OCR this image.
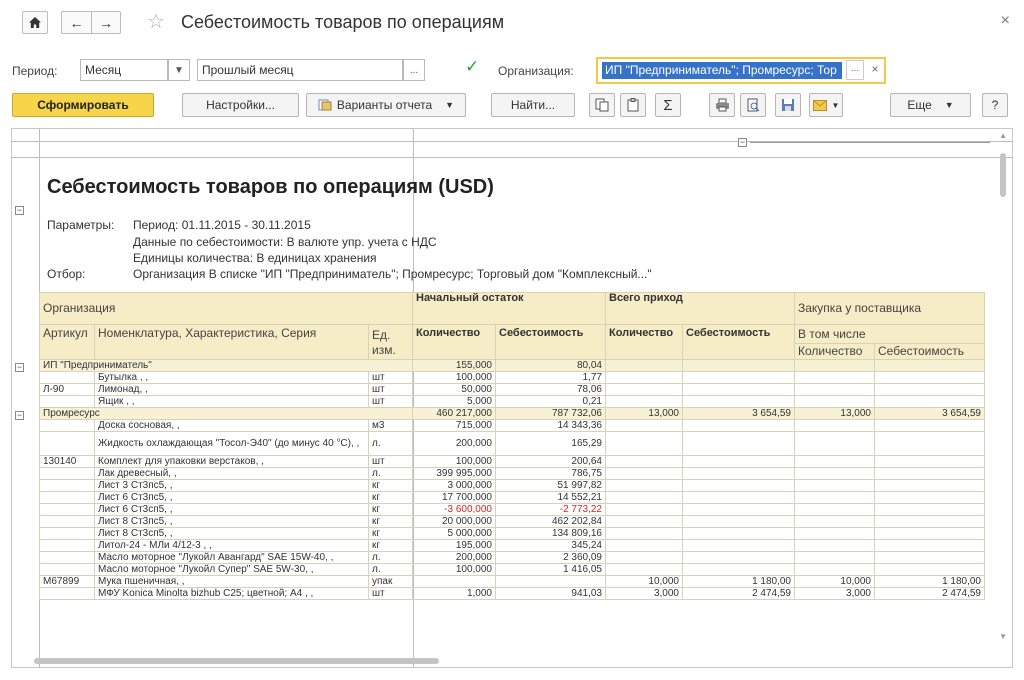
← → ☆ Себестоимость товаров по операциям	×
Период:	Месяц	▼	Прошлый месяц	...	✓ Организация:	ИП "Предприниматель"; Промресурс; Тор	...	×
Сформировать	Настройки...	Варианты отчета ▼	Найти...	Σ	▼	Еще ▼	?
−
−
Себестоимость товаров по операциям (USD)
Параметры: Период: 01.11.2015 - 30.11.2015
Данные по себестоимости: В валюте упр. учета с НДС
Единицы количества: В единицах хранения
Отбор:	Организация В списке "ИП "Предприниматель"; Промресурс; Торговый дом "Комплексный..."
Организация			Начальный остаток		Всего приход		Закупка у поставщика	
Артикул	Номенклатура, Характеристика, Серия	Ед. изм.	Количество	Себестоимость	Количество	Себестоимость	В том числе	
							Количество	Себестоимость
ИП "Предприниматель"			155,000	80,04				
	Бутылка , ,	шт	100,000	1,77				
Л-90	Лимонад, ,	шт	50,000	78,06				
	Ящик , ,	шт	5,000	0,21				
Промресурс			460 217,000	787 732,06	13,000	3 654,59	13,000	3 654,59
	Доска сосновая, ,	м3	715,000	14 343,36				
	Жидкость охлаждающая "Тосол-Э40" (до минус 40 °C), ,	л.	200,000	165,29				
130140	Комплект для упаковки верстаков, ,	шт	100,000	200,64				
	Лак древесный, ,	л.	399 995,000	786,75				
	Лист 3 Ст3пс5, ,	кг	3 000,000	51 997,82				
	Лист 6 Ст3пс5, ,	кг	17 700,000	14 552,21				
	Лист 6 Ст3сп5, ,	кг	-3 600,000	-2 773,22				
	Лист 8 Ст3пс5, ,	кг	20 000,000	462 202,84				
	Лист 8 Ст3сп5, ,	кг	5 000,000	134 809,16				
	Литол-24 - МЛи 4/12-3 , ,	кг	195,000	345,24				
	Масло моторное "Лукойл Авангард" SAE 15W-40, ,	л.	200,000	2 360,09				
	Масло моторное "Лукойл Супер" SAE 5W-30, ,	л.	100,000	1 416,05				
M67899	Мука пшеничная, ,	упак			10,000	1 180,00	10,000	1 180,00
	МФУ Konica Minolta bizhub C25; цветной; A4 , ,	шт	1,000	941,03	3,000	2 474,59	3,000	2 474,59
−
−
▲
▼
